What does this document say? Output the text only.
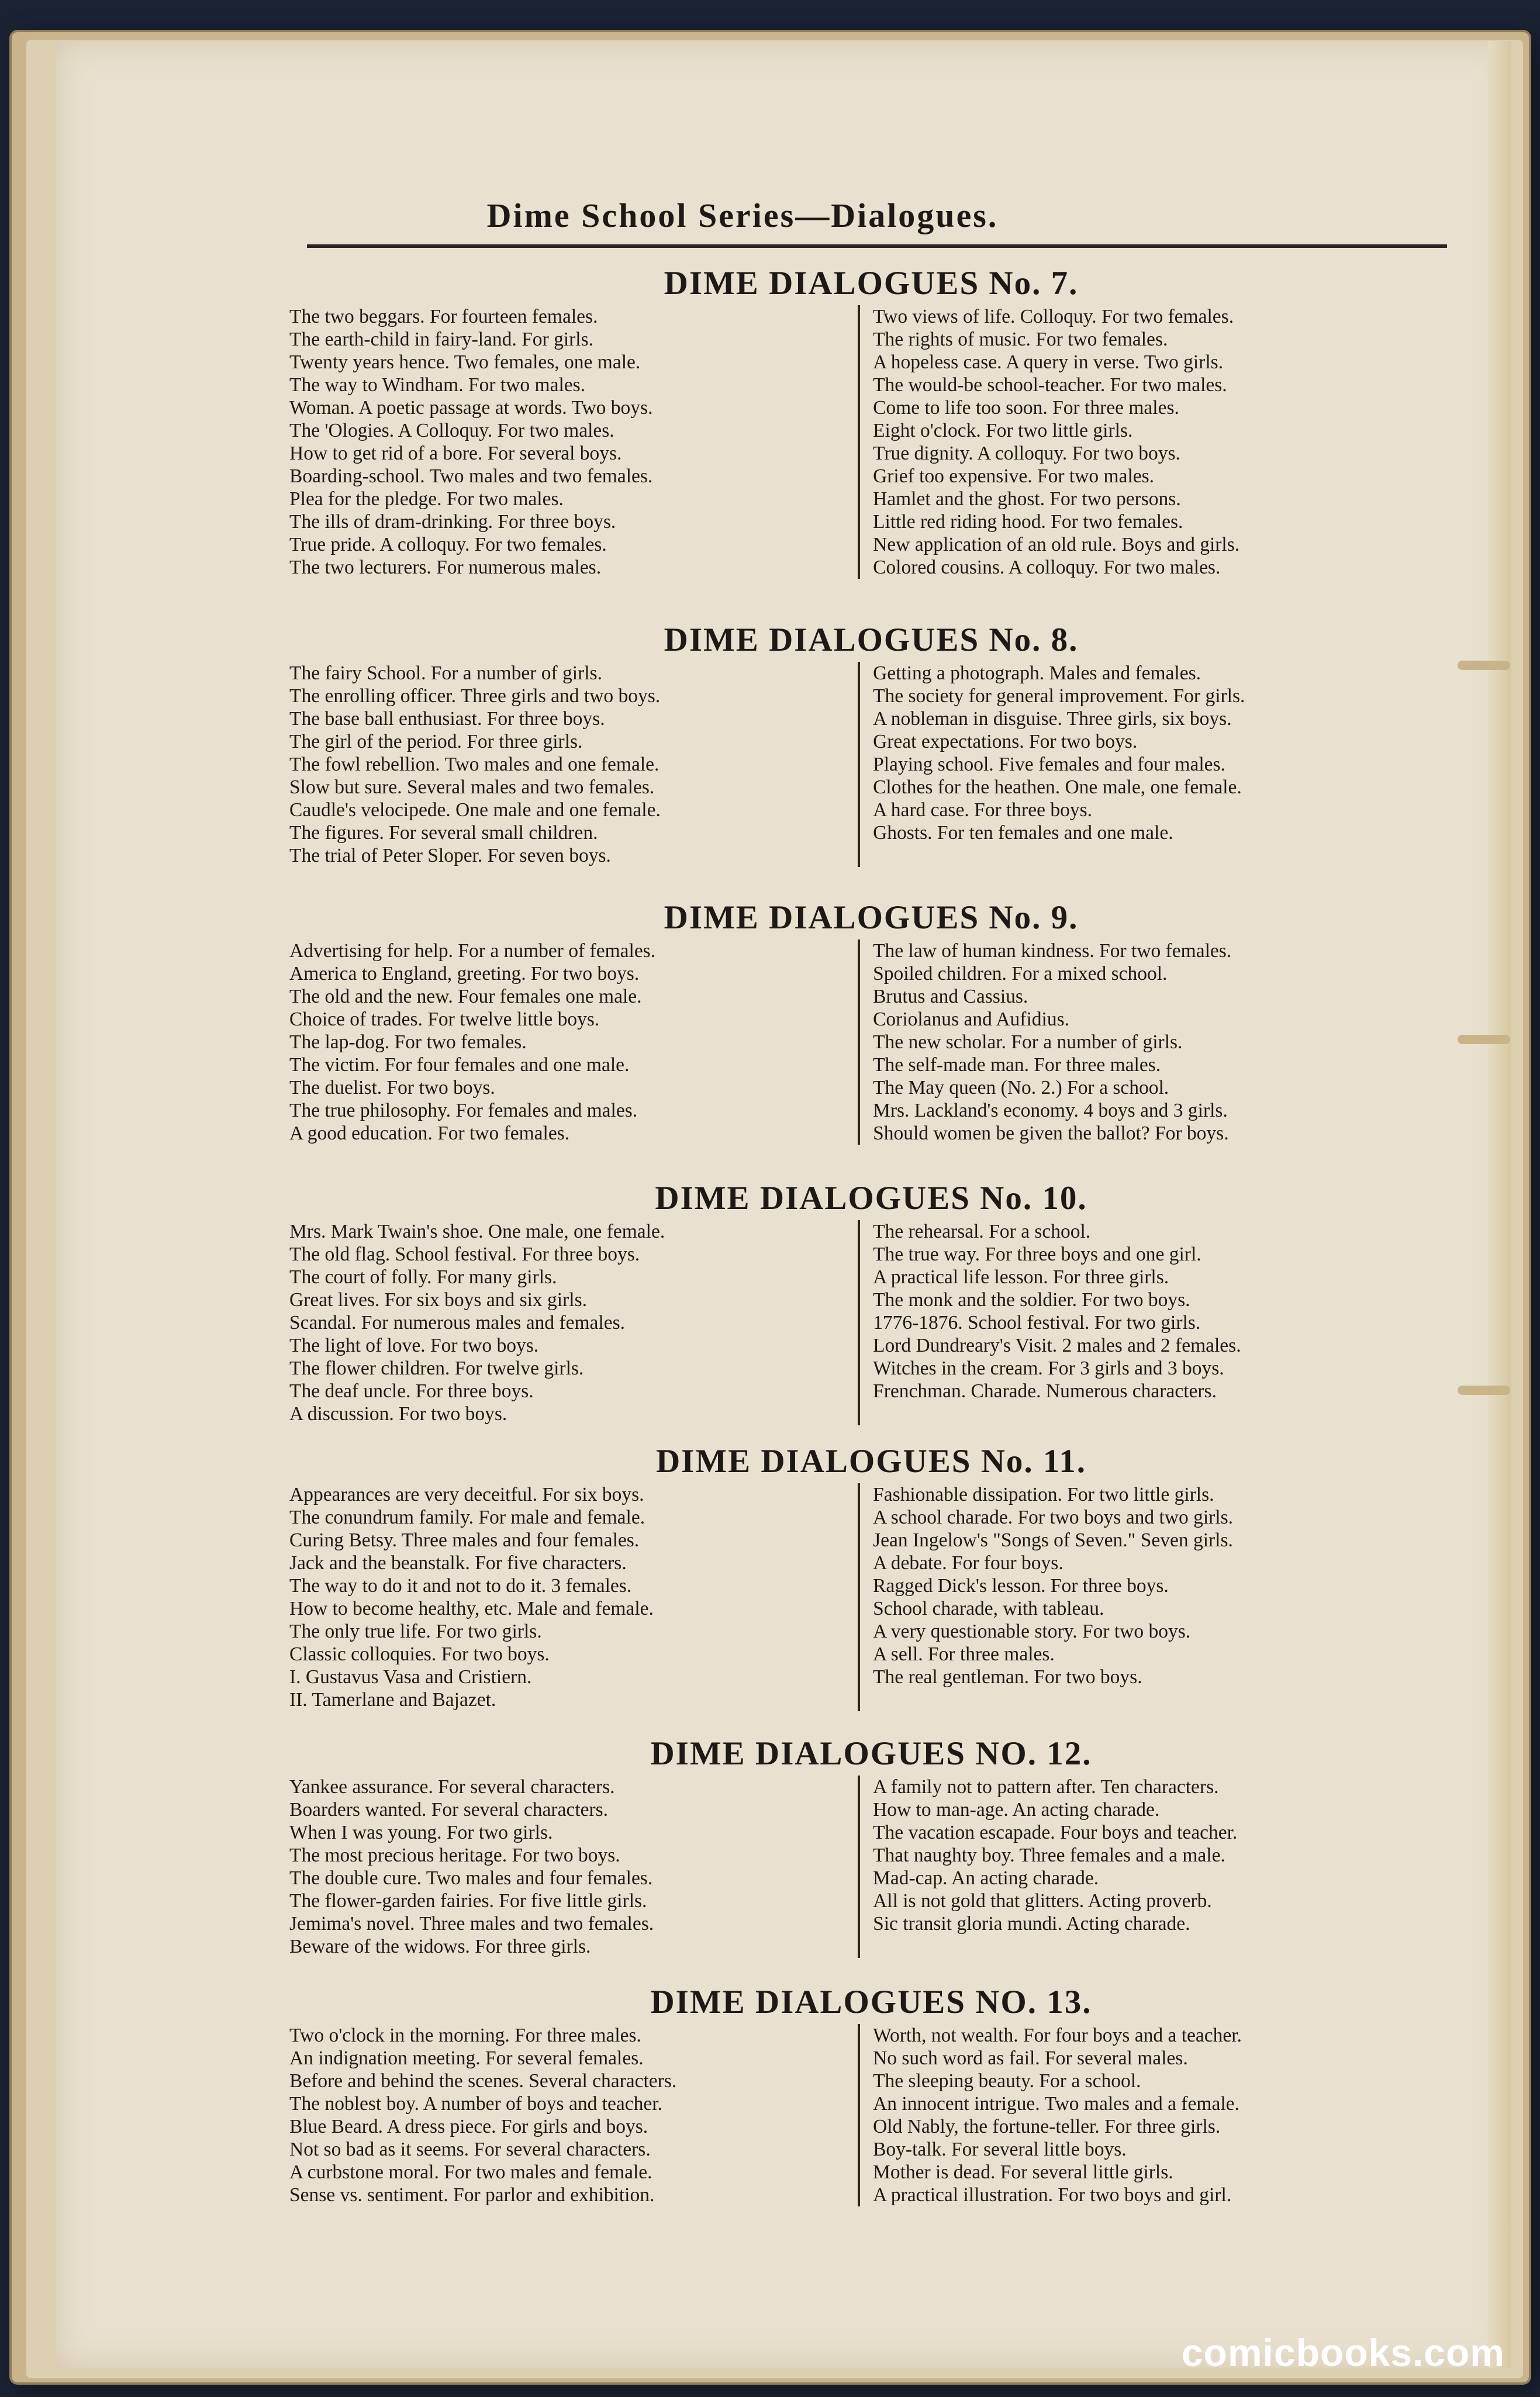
Dime School Series—Dialogues.
DIME DIALOGUES No. 7.
The two beggars. For fourteen females.
The earth-child in fairy-land. For girls.
Twenty years hence. Two females, one male.
The way to Windham. For two males.
Woman. A poetic passage at words. Two boys.
The 'Ologies. A Colloquy. For two males.
How to get rid of a bore. For several boys.
Boarding-school. Two males and two females.
Plea for the pledge. For two males.
The ills of dram-drinking. For three boys.
True pride. A colloquy. For two females.
The two lecturers. For numerous males.
Two views of life. Colloquy. For two females.
The rights of music. For two females.
A hopeless case. A query in verse. Two girls.
The would-be school-teacher. For two males.
Come to life too soon. For three males.
Eight o'clock. For two little girls.
True dignity. A colloquy. For two boys.
Grief too expensive. For two males.
Hamlet and the ghost. For two persons.
Little red riding hood. For two females.
New application of an old rule. Boys and girls.
Colored cousins. A colloquy. For two males.
DIME DIALOGUES No. 8.
The fairy School. For a number of girls.
The enrolling officer. Three girls and two boys.
The base ball enthusiast. For three boys.
The girl of the period. For three girls.
The fowl rebellion. Two males and one female.
Slow but sure. Several males and two females.
Caudle's velocipede. One male and one female.
The figures. For several small children.
The trial of Peter Sloper. For seven boys.
Getting a photograph. Males and females.
The society for general improvement. For girls.
A nobleman in disguise. Three girls, six boys.
Great expectations. For two boys.
Playing school. Five females and four males.
Clothes for the heathen. One male, one female.
A hard case. For three boys.
Ghosts. For ten females and one male.
DIME DIALOGUES No. 9.
Advertising for help. For a number of females.
America to England, greeting. For two boys.
The old and the new. Four females one male.
Choice of trades. For twelve little boys.
The lap-dog. For two females.
The victim. For four females and one male.
The duelist. For two boys.
The true philosophy. For females and males.
A good education. For two females.
The law of human kindness. For two females.
Spoiled children. For a mixed school.
Brutus and Cassius.
Coriolanus and Aufidius.
The new scholar. For a number of girls.
The self-made man. For three males.
The May queen (No. 2.) For a school.
Mrs. Lackland's economy. 4 boys and 3 girls.
Should women be given the ballot? For boys.
DIME DIALOGUES No. 10.
Mrs. Mark Twain's shoe. One male, one female.
The old flag. School festival. For three boys.
The court of folly. For many girls.
Great lives. For six boys and six girls.
Scandal. For numerous males and females.
The light of love. For two boys.
The flower children. For twelve girls.
The deaf uncle. For three boys.
A discussion. For two boys.
The rehearsal. For a school.
The true way. For three boys and one girl.
A practical life lesson. For three girls.
The monk and the soldier. For two boys.
1776-1876. School festival. For two girls.
Lord Dundreary's Visit. 2 males and 2 females.
Witches in the cream. For 3 girls and 3 boys.
Frenchman. Charade. Numerous characters.
DIME DIALOGUES No. 11.
Appearances are very deceitful. For six boys.
The conundrum family. For male and female.
Curing Betsy. Three males and four females.
Jack and the beanstalk. For five characters.
The way to do it and not to do it. 3 females.
How to become healthy, etc. Male and female.
The only true life. For two girls.
Classic colloquies. For two boys.
I. Gustavus Vasa and Cristiern.
II. Tamerlane and Bajazet.
Fashionable dissipation. For two little girls.
A school charade. For two boys and two girls.
Jean Ingelow's "Songs of Seven." Seven girls.
A debate. For four boys.
Ragged Dick's lesson. For three boys.
School charade, with tableau.
A very questionable story. For two boys.
A sell. For three males.
The real gentleman. For two boys.
DIME DIALOGUES NO. 12.
Yankee assurance. For several characters.
Boarders wanted. For several characters.
When I was young. For two girls.
The most precious heritage. For two boys.
The double cure. Two males and four females.
The flower-garden fairies. For five little girls.
Jemima's novel. Three males and two females.
Beware of the widows. For three girls.
A family not to pattern after. Ten characters.
How to man-age. An acting charade.
The vacation escapade. Four boys and teacher.
That naughty boy. Three females and a male.
Mad-cap. An acting charade.
All is not gold that glitters. Acting proverb.
Sic transit gloria mundi. Acting charade.
DIME DIALOGUES NO. 13.
Two o'clock in the morning. For three males.
An indignation meeting. For several females.
Before and behind the scenes. Several characters.
The noblest boy. A number of boys and teacher.
Blue Beard. A dress piece. For girls and boys.
Not so bad as it seems. For several characters.
A curbstone moral. For two males and female.
Sense vs. sentiment. For parlor and exhibition.
Worth, not wealth. For four boys and a teacher.
No such word as fail. For several males.
The sleeping beauty. For a school.
An innocent intrigue. Two males and a female.
Old Nably, the fortune-teller. For three girls.
Boy-talk. For several little boys.
Mother is dead. For several little girls.
A practical illustration. For two boys and girl.
comicbooks.com
